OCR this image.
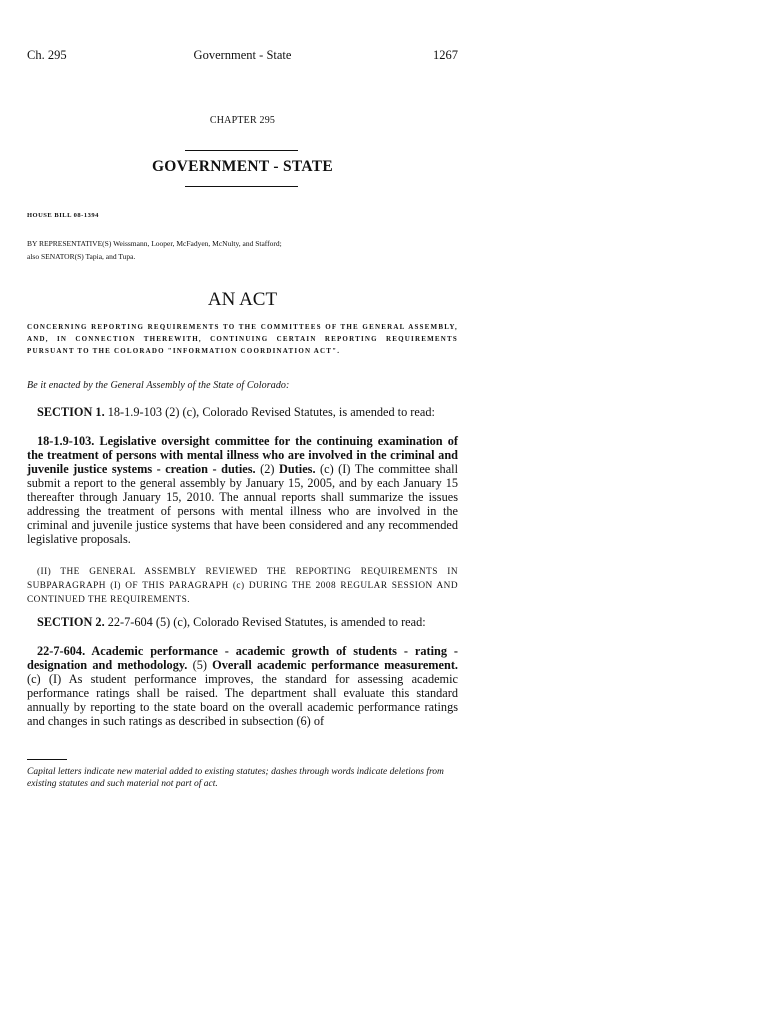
Ch. 295	Government - State	1267
CHAPTER 295
GOVERNMENT - STATE
HOUSE BILL 08-1394
BY REPRESENTATIVE(S) Weissmann, Looper, McFadyen, McNulty, and Stafford;
also SENATOR(S) Tapia, and Tupa.
AN ACT
CONCERNING REPORTING REQUIREMENTS TO THE COMMITTEES OF THE GENERAL ASSEMBLY, AND, IN CONNECTION THEREWITH, CONTINUING CERTAIN REPORTING REQUIREMENTS PURSUANT TO THE COLORADO "INFORMATION COORDINATION ACT".
Be it enacted by the General Assembly of the State of Colorado:
SECTION 1. 18-1.9-103 (2) (c), Colorado Revised Statutes, is amended to read:
18-1.9-103. Legislative oversight committee for the continuing examination of the treatment of persons with mental illness who are involved in the criminal and juvenile justice systems - creation - duties. (2) Duties. (c) (I) The committee shall submit a report to the general assembly by January 15, 2005, and by each January 15 thereafter through January 15, 2010. The annual reports shall summarize the issues addressing the treatment of persons with mental illness who are involved in the criminal and juvenile justice systems that have been considered and any recommended legislative proposals.
(II) THE GENERAL ASSEMBLY REVIEWED THE REPORTING REQUIREMENTS IN SUBPARAGRAPH (I) OF THIS PARAGRAPH (c) DURING THE 2008 REGULAR SESSION AND CONTINUED THE REQUIREMENTS.
SECTION 2. 22-7-604 (5) (c), Colorado Revised Statutes, is amended to read:
22-7-604. Academic performance - academic growth of students - rating - designation and methodology. (5) Overall academic performance measurement. (c) (I) As student performance improves, the standard for assessing academic performance ratings shall be raised. The department shall evaluate this standard annually by reporting to the state board on the overall academic performance ratings and changes in such ratings as described in subsection (6) of
Capital letters indicate new material added to existing statutes; dashes through words indicate deletions from existing statutes and such material not part of act.
